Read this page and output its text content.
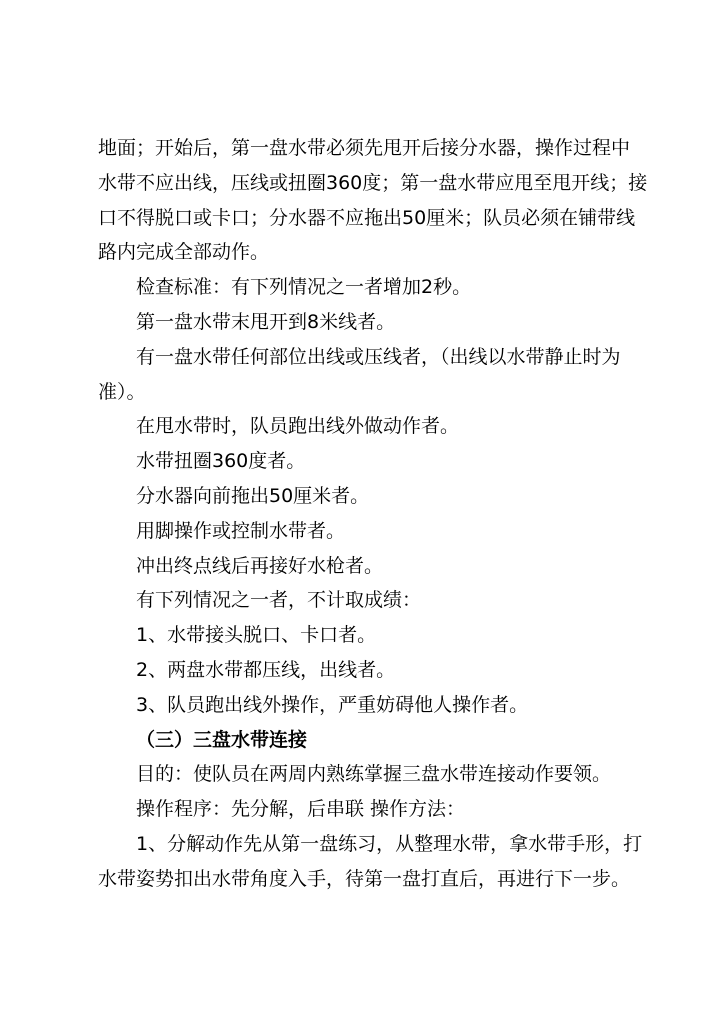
地面；开始后，第一盘水带必须先甩开后接分水器，操作过程中
水带不应出线，压线或扭圈360度；第一盘水带应甩至甩开线；接
口不得脱口或卡口；分水器不应拖出50厘米；队员必须在铺带线
路内完成全部动作。
检查标准：有下列情况之一者增加2秒。
第一盘水带末甩开到8米线者。
有一盘水带任何部位出线或压线者，（出线以水带静止时为
准）。
在甩水带时，队员跑出线外做动作者。
水带扭圈360度者。
分水器向前拖出50厘米者。
用脚操作或控制水带者。
冲出终点线后再接好水枪者。
有下列情况之一者，不计取成绩：
1、水带接头脱口、卡口者。
2、两盘水带都压线，出线者。
3、队员跑出线外操作，严重妨碍他人操作者。
（三）三盘水带连接
目的：使队员在两周内熟练掌握三盘水带连接动作要领。
操作程序：先分解，后串联 操作方法：
1、分解动作先从第一盘练习，从整理水带，拿水带手形，打
水带姿势扣出水带角度入手，待第一盘打直后，再进行下一步。
